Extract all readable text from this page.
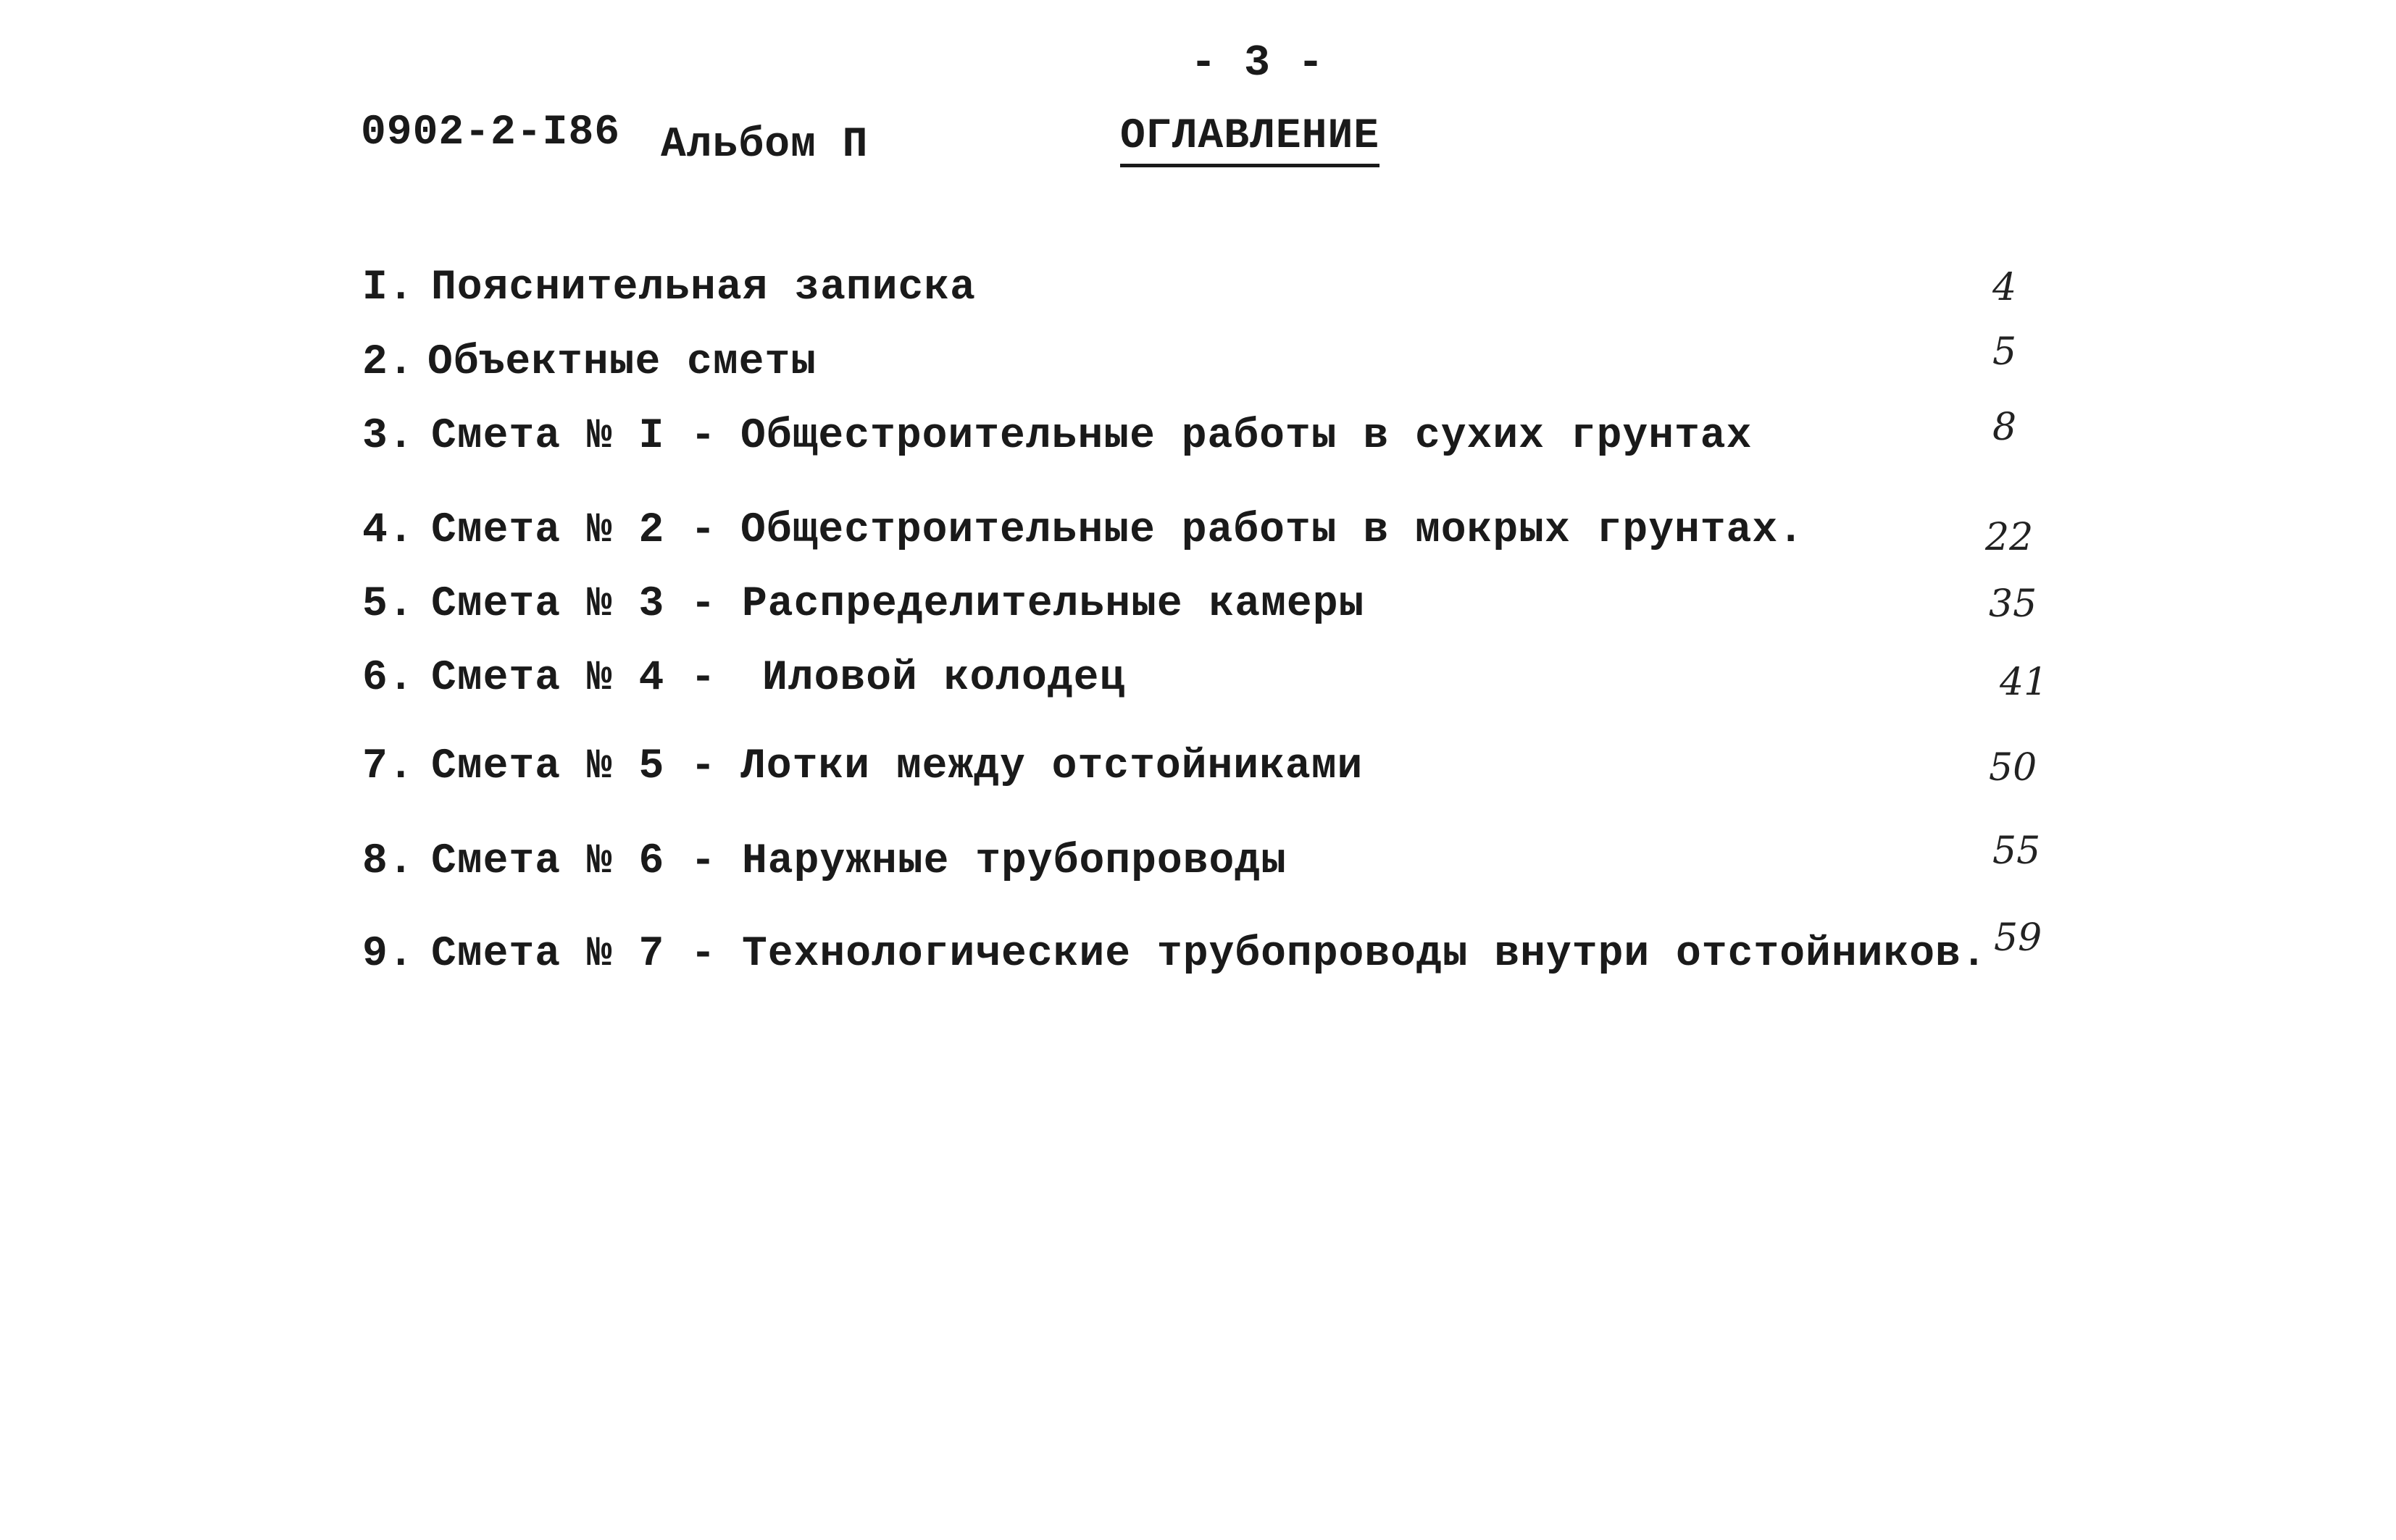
- 3 -
0902-2-I86 Альбом П	ОГЛАВЛЕНИЕ
I. Пояснительная записка	4
2. Объектные сметы	5
3. Смета № I - Общестроительные работы в сухих грунтах	8
4. Смета № 2 - Общестроительные работы в мокрых грунтах.	22
5. Смета № 3 - Распределительные камеры	35
6. Смета № 4 - Иловой колодец	41
7. Смета № 5 - Лотки между отстойниками	50
8. Смета № 6 - Наружные трубопроводы	55
9. Смета № 7 - Технологические трубопроводы внутри отстойников. 59
